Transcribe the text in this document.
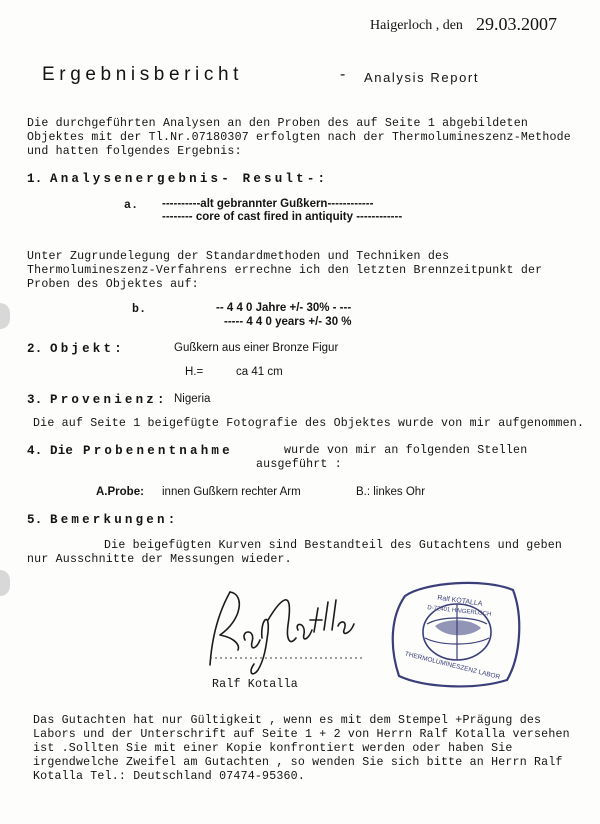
Haigerloch , den 29.03.2007
Ergebnisbericht	- Analysis Report
Die durchgeführten Analysen an den Proben des auf Seite 1 abgebildeten
Objektes mit der Tl.Nr.07180307 erfolgten nach der Thermolumineszenz-Methode
und hatten folgendes Ergebnis:
1. Analysenergebnis- Result-:
a. ----------alt gebrannter Gußkern------------
-------- core of cast fired in antiquity ------------
Unter Zugrundelegung der Standardmethoden und Techniken des
Thermolumineszenz-Verfahrens errechne ich den letzten Brennzeitpunkt der
Proben des Objektes auf:
b.	-- 4 4 0 Jahre +/- 30% - ---
----- 4 4 0 years +/- 30 %
2. Objekt:	Gußkern aus einer Bronze Figur
H.=	ca 41 cm
3. Provenienz: Nigeria
Die auf Seite 1 beigefügte Fotografie des Objektes wurde von mir aufgenommen.
4. Die Probenentnahme	wurde von mir an folgenden Stellen
ausgeführt :
A.Probe: innen Gußkern rechter Arm	B.: linkes Ohr
5. Bemerkungen:
Die beigefügten Kurven sind Bestandteil des Gutachtens und geben
nur Ausschnitte der Messungen wieder.
Ralf Kotalla
Ralf KOTALLA
D-72401 HAIGERLOCH
THERMOLUMINESZENZ LABOR
Das Gutachten hat nur Gültigkeit , wenn es mit dem Stempel +Prägung des
Labors und der Unterschrift auf Seite 1 + 2 von Herrn Ralf Kotalla versehen
ist .Sollten Sie mit einer Kopie konfrontiert werden oder haben Sie
irgendwelche Zweifel am Gutachten , so wenden Sie sich bitte an Herrn Ralf
Kotalla Tel.: Deutschland 07474-95360.
